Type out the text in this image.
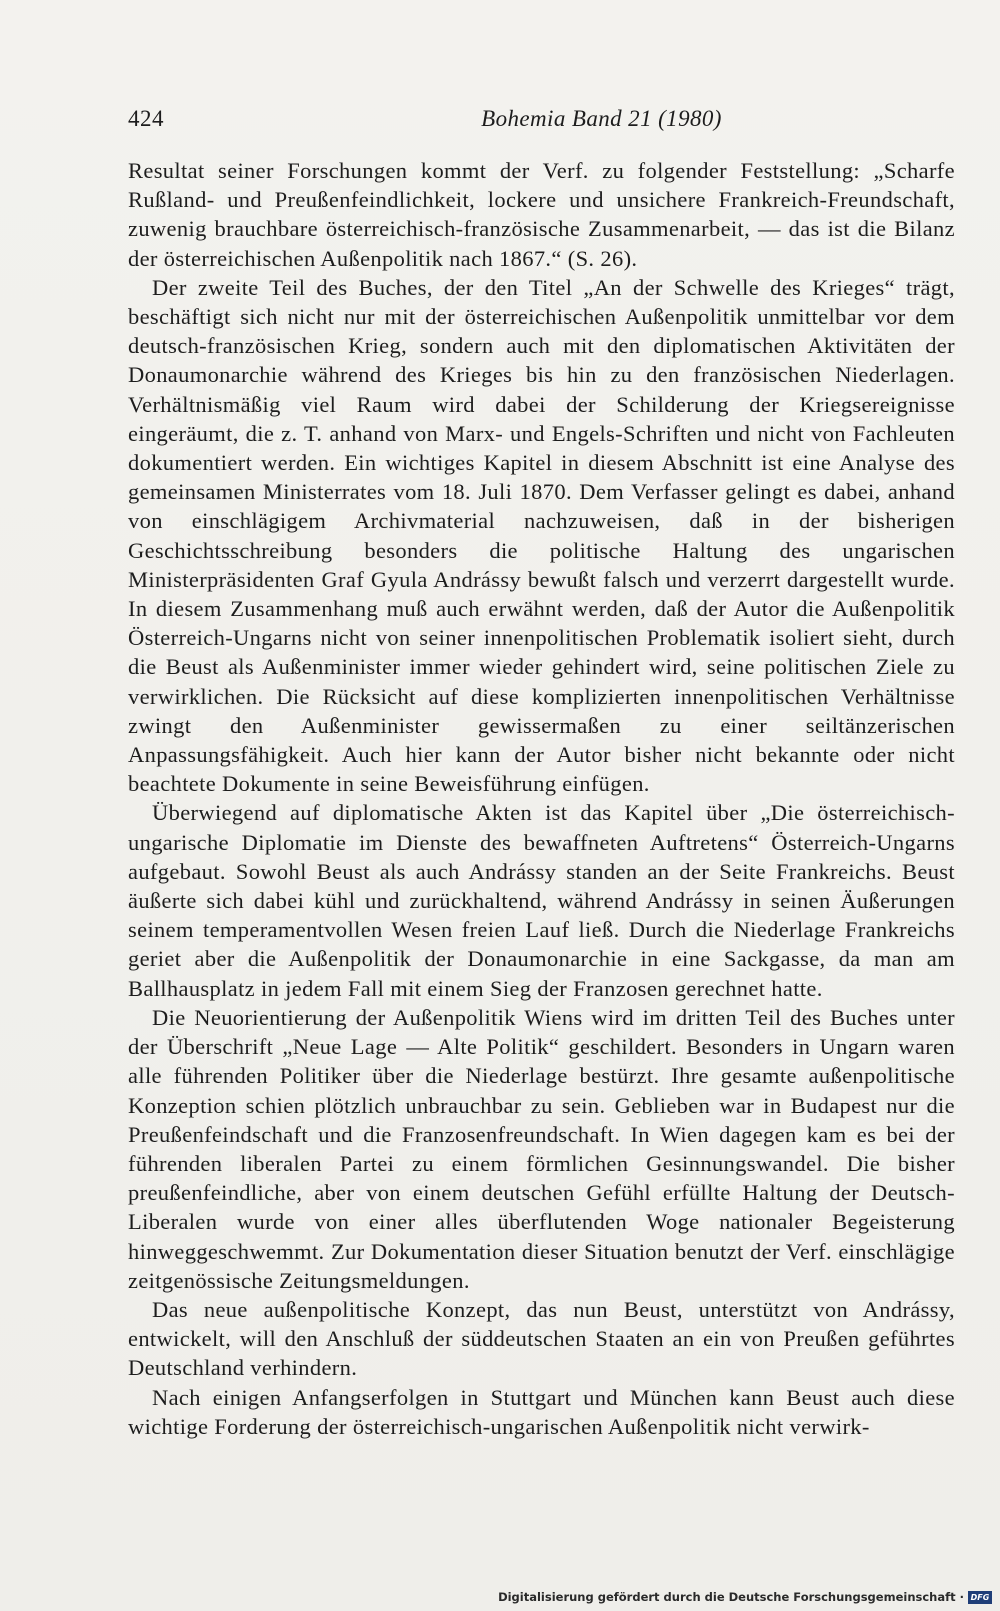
424	Bohemia Band 21 (1980)

Resultat seiner Forschungen kommt der Verf. zu folgender Feststellung: „Scharfe Rußland- und Preußenfeindlichkeit, lockere und unsichere Frankreich-Freundschaft, zuwenig brauchbare österreichisch-französische Zusammenarbeit, — das ist die Bilanz der österreichischen Außenpolitik nach 1867.“ (S. 26).

Der zweite Teil des Buches, der den Titel „An der Schwelle des Krieges“ trägt, beschäftigt sich nicht nur mit der österreichischen Außenpolitik unmittelbar vor dem deutsch-französischen Krieg, sondern auch mit den diplomatischen Aktivitäten der Donaumonarchie während des Krieges bis hin zu den französischen Niederlagen. Verhältnismäßig viel Raum wird dabei der Schilderung der Kriegsereignisse eingeräumt, die z. T. anhand von Marx- und Engels-Schriften und nicht von Fachleuten dokumentiert werden. Ein wichtiges Kapitel in diesem Abschnitt ist eine Analyse des gemeinsamen Ministerrates vom 18. Juli 1870. Dem Verfasser gelingt es dabei, anhand von einschlägigem Archivmaterial nachzuweisen, daß in der bisherigen Geschichtsschreibung besonders die politische Haltung des ungarischen Ministerpräsidenten Graf Gyula Andrássy bewußt falsch und verzerrt dargestellt wurde. In diesem Zusammenhang muß auch erwähnt werden, daß der Autor die Außenpolitik Österreich-Ungarns nicht von seiner innenpolitischen Problematik isoliert sieht, durch die Beust als Außenminister immer wieder gehindert wird, seine politischen Ziele zu verwirklichen. Die Rücksicht auf diese komplizierten innenpolitischen Verhältnisse zwingt den Außenminister gewissermaßen zu einer seiltänzerischen Anpassungsfähigkeit. Auch hier kann der Autor bisher nicht bekannte oder nicht beachtete Dokumente in seine Beweisführung einfügen.

Überwiegend auf diplomatische Akten ist das Kapitel über „Die österreichisch-ungarische Diplomatie im Dienste des bewaffneten Auftretens“ Österreich-Ungarns aufgebaut. Sowohl Beust als auch Andrássy standen an der Seite Frankreichs. Beust äußerte sich dabei kühl und zurückhaltend, während Andrássy in seinen Äußerungen seinem temperamentvollen Wesen freien Lauf ließ. Durch die Niederlage Frankreichs geriet aber die Außenpolitik der Donaumonarchie in eine Sackgasse, da man am Ballhausplatz in jedem Fall mit einem Sieg der Franzosen gerechnet hatte.

Die Neuorientierung der Außenpolitik Wiens wird im dritten Teil des Buches unter der Überschrift „Neue Lage — Alte Politik“ geschildert. Besonders in Ungarn waren alle führenden Politiker über die Niederlage bestürzt. Ihre gesamte außenpolitische Konzeption schien plötzlich unbrauchbar zu sein. Geblieben war in Budapest nur die Preußenfeindschaft und die Franzosenfreundschaft. In Wien dagegen kam es bei der führenden liberalen Partei zu einem förmlichen Gesinnungswandel. Die bisher preußenfeindliche, aber von einem deutschen Gefühl erfüllte Haltung der Deutsch-Liberalen wurde von einer alles überflutenden Woge nationaler Begeisterung hinweggeschwemmt. Zur Dokumentation dieser Situation benutzt der Verf. einschlägige zeitgenössische Zeitungsmeldungen.

Das neue außenpolitische Konzept, das nun Beust, unterstützt von Andrássy, entwickelt, will den Anschluß der süddeutschen Staaten an ein von Preußen geführtes Deutschland verhindern.

Nach einigen Anfangserfolgen in Stuttgart und München kann Beust auch diese wichtige Forderung der österreichisch-ungarischen Außenpolitik nicht verwirk-

Digitalisierung gefördert durch die Deutsche Forschungsgemeinschaft · DFG
